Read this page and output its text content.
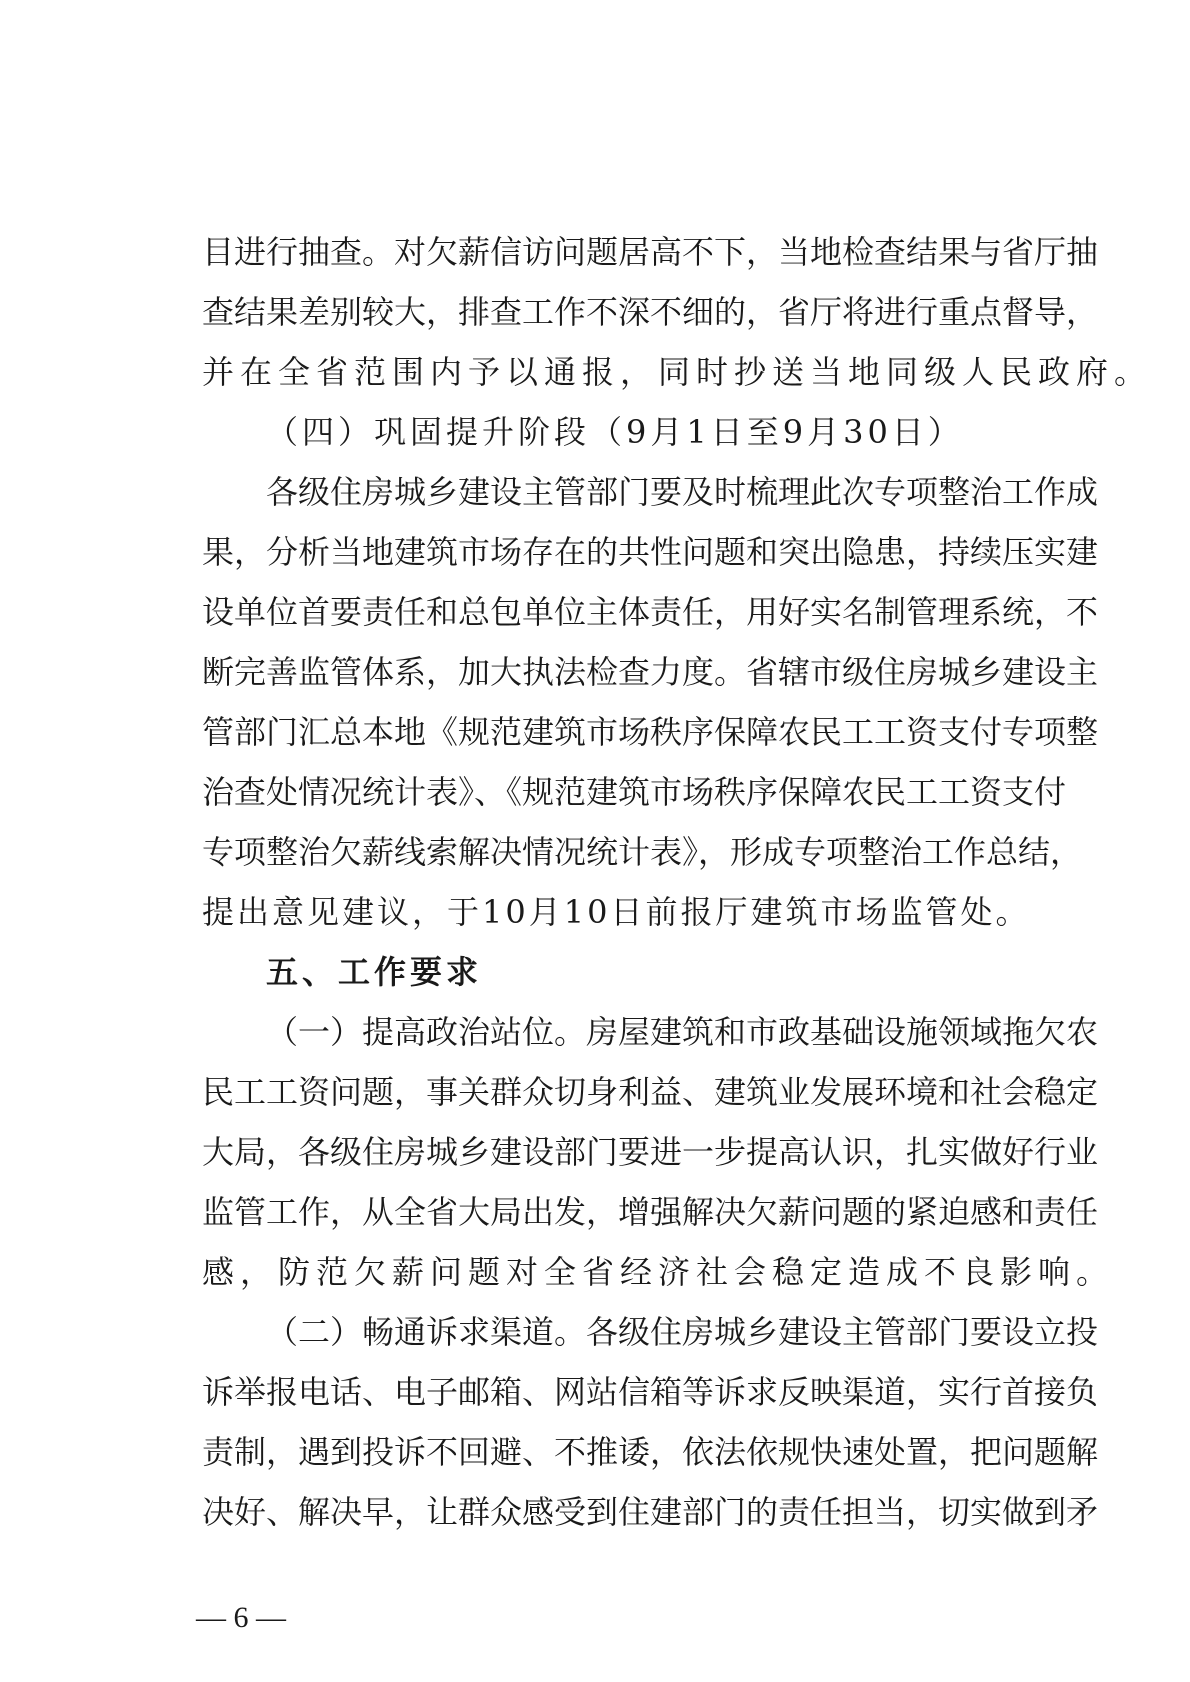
目进行抽查。对欠薪信访问题居高不下，当地检查结果与省厅抽
查结果差别较大，排查工作不深不细的，省厅将进行重点督导，
并在全省范围内予以通报，同时抄送当地同级人民政府。
（四）巩固提升阶段（9月1日至9月30日）
各级住房城乡建设主管部门要及时梳理此次专项整治工作成
果，分析当地建筑市场存在的共性问题和突出隐患，持续压实建
设单位首要责任和总包单位主体责任，用好实名制管理系统，不
断完善监管体系，加大执法检查力度。省辖市级住房城乡建设主
管部门汇总本地《规范建筑市场秩序保障农民工工资支付专项整
治查处情况统计表》、《规范建筑市场秩序保障农民工工资支付
专项整治欠薪线索解决情况统计表》，形成专项整治工作总结，
提出意见建议，于10月10日前报厅建筑市场监管处。
五、工作要求
（一）提高政治站位。房屋建筑和市政基础设施领域拖欠农
民工工资问题，事关群众切身利益、建筑业发展环境和社会稳定
大局，各级住房城乡建设部门要进一步提高认识，扎实做好行业
监管工作，从全省大局出发，增强解决欠薪问题的紧迫感和责任
感，防范欠薪问题对全省经济社会稳定造成不良影响。
（二）畅通诉求渠道。各级住房城乡建设主管部门要设立投
诉举报电话、电子邮箱、网站信箱等诉求反映渠道，实行首接负
责制，遇到投诉不回避、不推诿，依法依规快速处置，把问题解
决好、解决早，让群众感受到住建部门的责任担当，切实做到矛
— 6 —
